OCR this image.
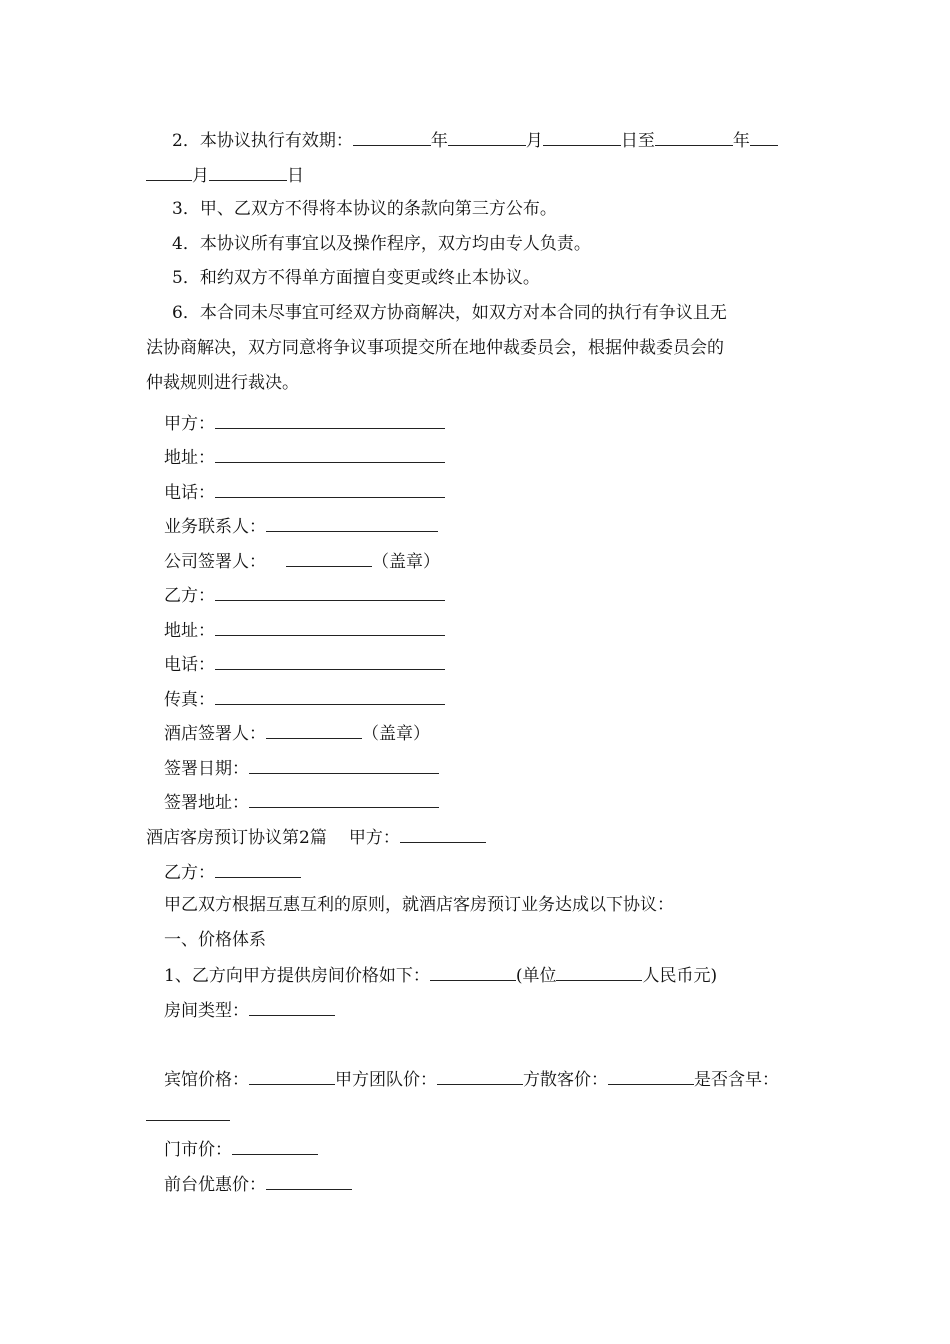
2．本协议执行有效期：	年	月	日至	年
月	日
3．甲、乙双方不得将本协议的条款向第三方公布。
4．本协议所有事宜以及操作程序，双方均由专人负责。
5．和约双方不得单方面擅自变更或终止本协议。
6．本合同未尽事宜可经双方协商解决，如双方对本合同的执行有争议且无
法协商解决，双方同意将争议事项提交所在地仲裁委员会，根据仲裁委员会的
仲裁规则进行裁决。
甲方：
地址：
电话：
业务联系人：
公司签署人：	（盖章）
乙方：
地址：
电话：
传真：
酒店签署人：	（盖章）
签署日期：
签署地址：
酒店客房预订协议第2篇 甲方：
乙方：
甲乙双方根据互惠互利的原则，就酒店客房预订业务达成以下协议：
一、价格体系
1、乙方向甲方提供房间价格如下：	(单位	人民币元)
房间类型：
宾馆价格：	甲方团队价：	方散客价：	是否含早：
门市价：
前台优惠价：
